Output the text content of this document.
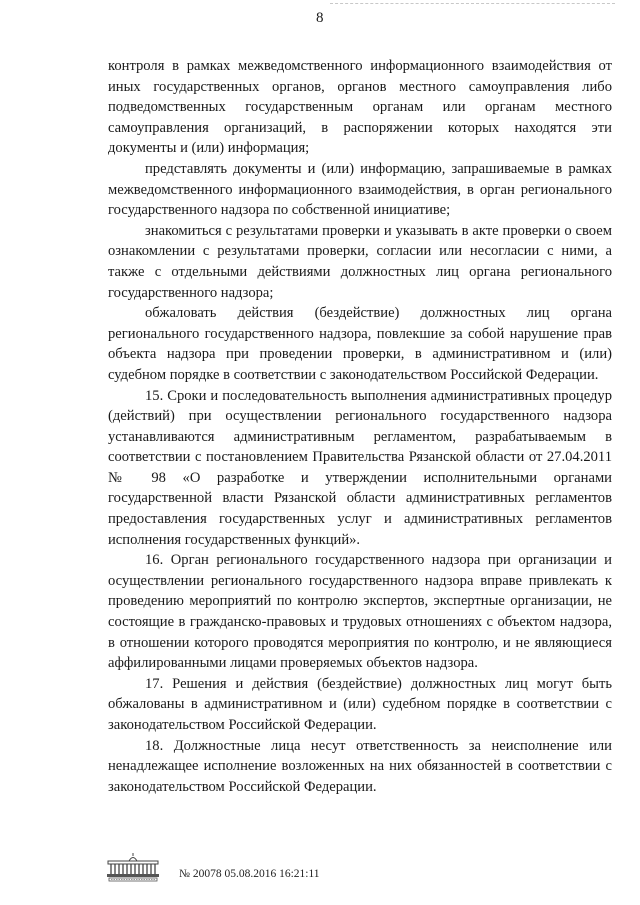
8

контроля в рамках межведомственного информационного взаимодействия от иных государственных органов, органов местного самоуправления либо подведомственных государственным органам или органам местного самоуправления организаций, в распоряжении которых находятся эти документы и (или) информация;

представлять документы и (или) информацию, запрашиваемые в рамках межведомственного информационного взаимодействия, в орган регионального государственного надзора по собственной инициативе;

знакомиться с результатами проверки и указывать в акте проверки о своем ознакомлении с результатами проверки, согласии или несогласии с ними, а также с отдельными действиями должностных лиц органа регионального государственного надзора;

обжаловать действия (бездействие) должностных лиц органа регионального государственного надзора, повлекшие за собой нарушение прав объекта надзора при проведении проверки, в административном и (или) судебном порядке в соответствии с законодательством Российской Федерации.

15. Сроки и последовательность выполнения административных процедур (действий) при осуществлении регионального государственного надзора устанавливаются административным регламентом, разрабатываемым в соответствии с постановлением Правительства Рязанской области от 27.04.2011 № 98 «О разработке и утверждении исполнительными органами государственной власти Рязанской области административных регламентов предоставления государственных услуг и административных регламентов исполнения государственных функций».

16. Орган регионального государственного надзора при организации и осуществлении регионального государственного надзора вправе привлекать к проведению мероприятий по контролю экспертов, экспертные организации, не состоящие в гражданско-правовых и трудовых отношениях с объектом надзора, в отношении которого проводятся мероприятия по контролю, и не являющиеся аффилированными лицами проверяемых объектов надзора.

17. Решения и действия (бездействие) должностных лиц могут быть обжалованы в административном и (или) судебном порядке в соответствии с законодательством Российской Федерации.

18. Должностные лица несут ответственность за неисполнение или ненадлежащее исполнение возложенных на них обязанностей в соответствии с законодательством Российской Федерации.

№ 20078 05.08.2016 16:21:11
